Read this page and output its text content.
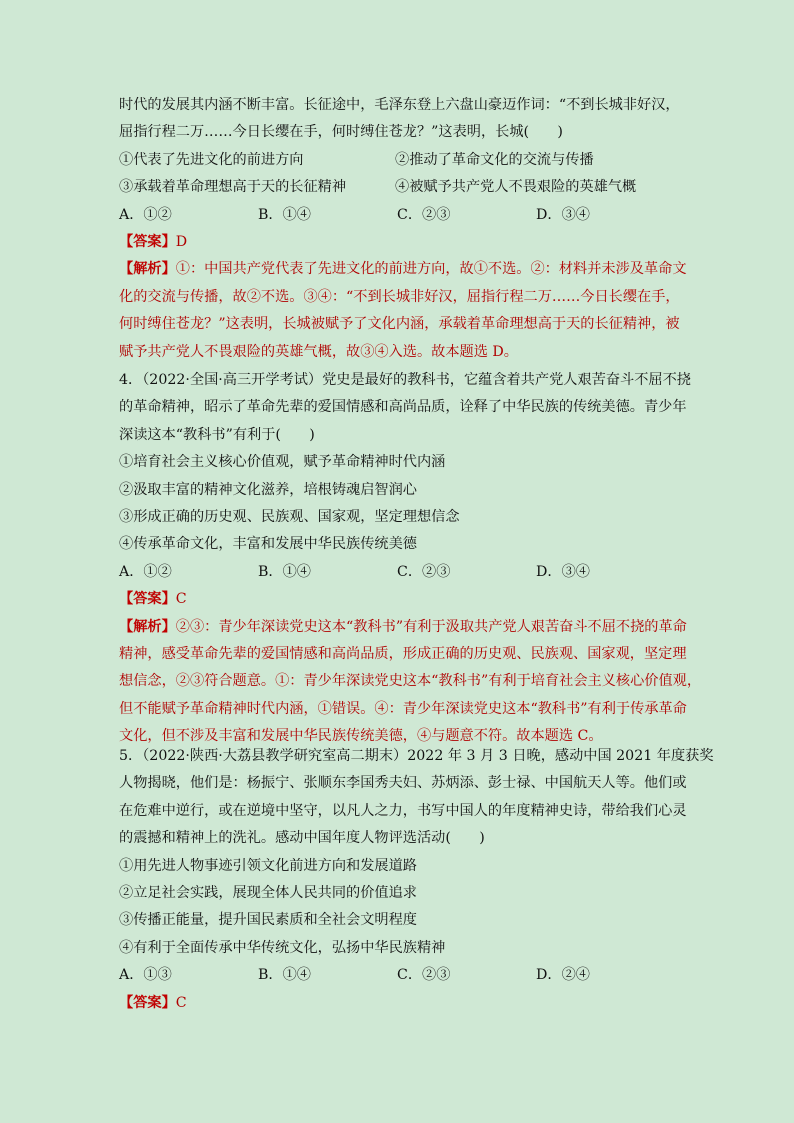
时代的发展其内涵不断丰富。长征途中，毛泽东登上六盘山豪迈作词：“不到长城非好汉，
屈指行程二万……今日长缨在手，何时缚住苍龙？”这表明，长城(　　)
①代表了先进文化的前进方向	②推动了革命文化的交流与传播
③承载着革命理想高于天的长征精神	④被赋予共产党人不畏艰险的英雄气概
A．①②	B．①④	C．②③	D．③④
【答案】D
【解析】①：中国共产党代表了先进文化的前进方向，故①不选。②：材料并未涉及革命文
化的交流与传播，故②不选。③④：“不到长城非好汉，屈指行程二万……今日长缨在手，
何时缚住苍龙？”这表明，长城被赋予了文化内涵，承载着革命理想高于天的长征精神，被
赋予共产党人不畏艰险的英雄气概，故③④入选。故本题选 D。
4．（2022·全国·高三开学考试）党史是最好的教科书，它蕴含着共产党人艰苦奋斗不屈不挠
的革命精神，昭示了革命先辈的爱国情感和高尚品质，诠释了中华民族的传统美德。青少年
深读这本“教科书”有利于(　　)
①培育社会主义核心价值观，赋予革命精神时代内涵
②汲取丰富的精神文化滋养，培根铸魂启智润心
③形成正确的历史观、民族观、国家观，坚定理想信念
④传承革命文化，丰富和发展中华民族传统美德
A．①②	B．①④	C．②③	D．③④
【答案】C
【解析】②③：青少年深读党史这本“教科书”有利于汲取共产党人艰苦奋斗不屈不挠的革命
精神，感受革命先辈的爱国情感和高尚品质，形成正确的历史观、民族观、国家观，坚定理
想信念，②③符合题意。①：青少年深读党史这本“教科书”有利于培育社会主义核心价值观，
但不能赋予革命精神时代内涵，①错误。④：青少年深读党史这本“教科书”有利于传承革命
文化，但不涉及丰富和发展中华民族传统美德，④与题意不符。故本题选 C。
5．（2022·陕西·大荔县教学研究室高二期末）2022 年 3 月 3 日晚，感动中国 2021 年度获奖
人物揭晓，他们是：杨振宁、张顺东李国秀夫妇、苏炳添、彭士禄、中国航天人等。他们或
在危难中逆行，或在逆境中坚守，以凡人之力，书写中国人的年度精神史诗，带给我们心灵
的震撼和精神上的洗礼。感动中国年度人物评选活动(　　)
①用先进人物事迹引领文化前进方向和发展道路
②立足社会实践，展现全体人民共同的价值追求
③传播正能量，提升国民素质和全社会文明程度
④有利于全面传承中华传统文化，弘扬中华民族精神
A．①③	B．①④	C．②③	D．②④
【答案】C
